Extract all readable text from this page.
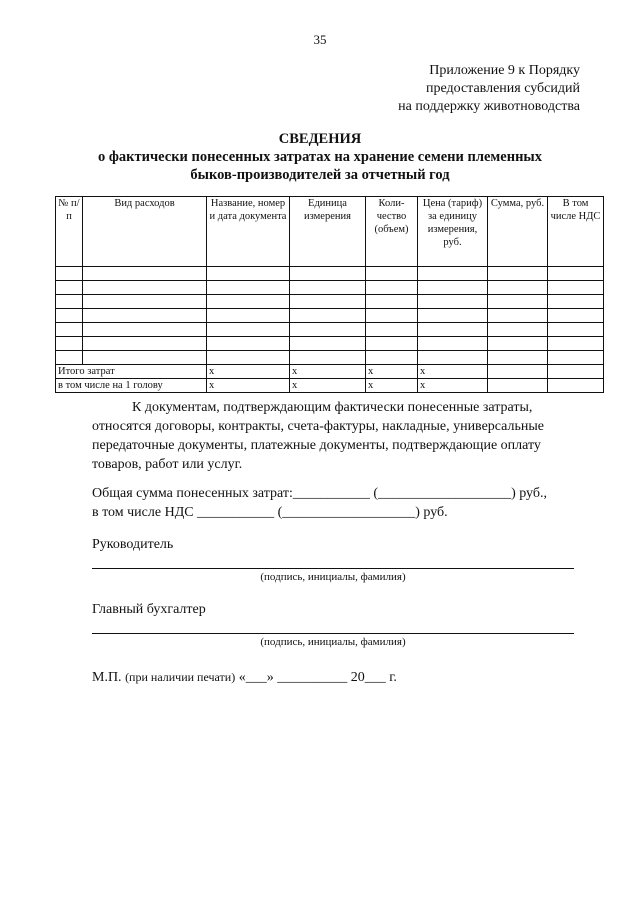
35
Приложение 9 к Порядку
предоставления субсидий
на поддержку животноводства
СВЕДЕНИЯ
о фактически понесенных затратах на хранение семени племенных
быков-производителей за отчетный год
№ п/п	Вид расходов	Название, номер и дата документа	Единица измерения	Коли-чество (объем)	Цена (тариф) за единицу измерения, руб.	Сумма, руб.	В том числе НДС

Итого затрат		x	x	x	x		
в том числе на 1 голову		x	x	x	x		
К документам, подтверждающим фактически понесенные затраты,
относятся договоры, контракты, счета-фактуры, накладные, универсальные
передаточные документы, платежные документы, подтверждающие оплату
товаров, работ или услуг.
Общая сумма понесенных затрат:___________ (___________________) руб.,
в том числе НДС ___________ (___________________) руб.
Руководитель
(подпись, инициалы, фамилия)
Главный бухгалтер
(подпись, инициалы, фамилия)
М.П. (при наличии печати) «___» __________ 20___ г.
